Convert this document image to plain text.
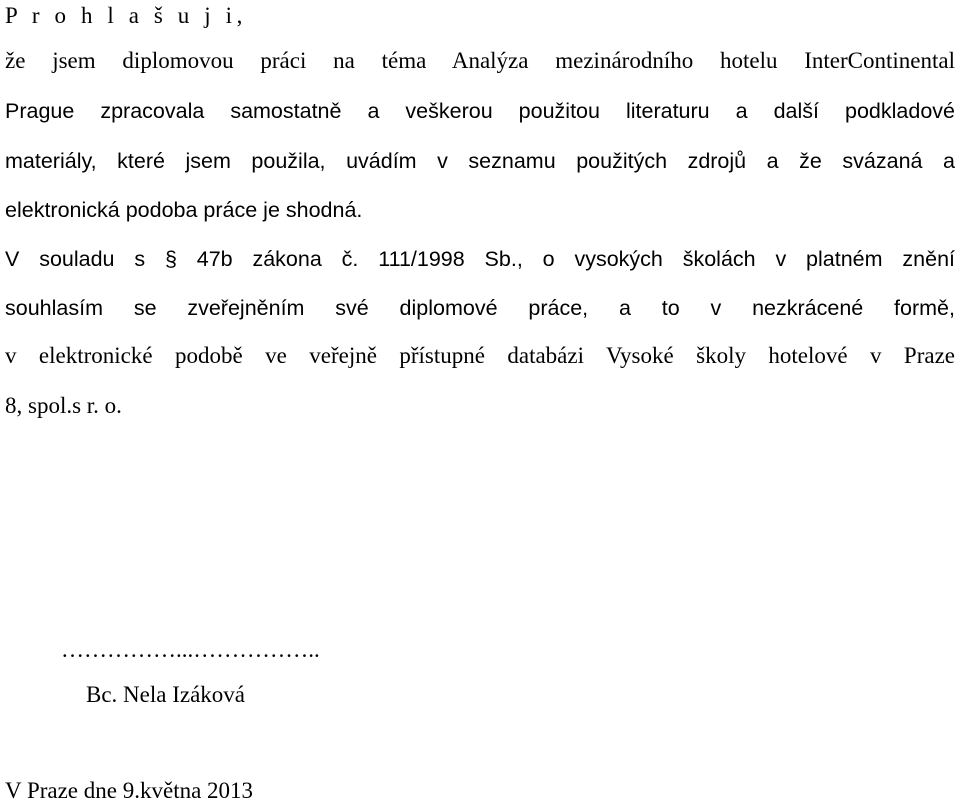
P r o h l a š u j i,
že jsem diplomovou práci na téma Analýza mezinárodního hotelu InterContinental
Prague zpracovala samostatně a veškerou použitou literaturu a další podkladové
materiály, které jsem použila, uvádím v seznamu použitých zdrojů a že svázaná a
elektronická podoba práce je shodná.
V souladu s § 47b zákona č. 111/1998 Sb., o vysokých školách v platném znění
souhlasím se zveřejněním své diplomové práce, a to v nezkrácené formě,
v elektronické podobě ve veřejně přístupné databázi Vysoké školy hotelové v Praze
8, spol.s r. o.
……………...……………..
Bc. Nela Izáková
V Praze dne 9.května 2013
